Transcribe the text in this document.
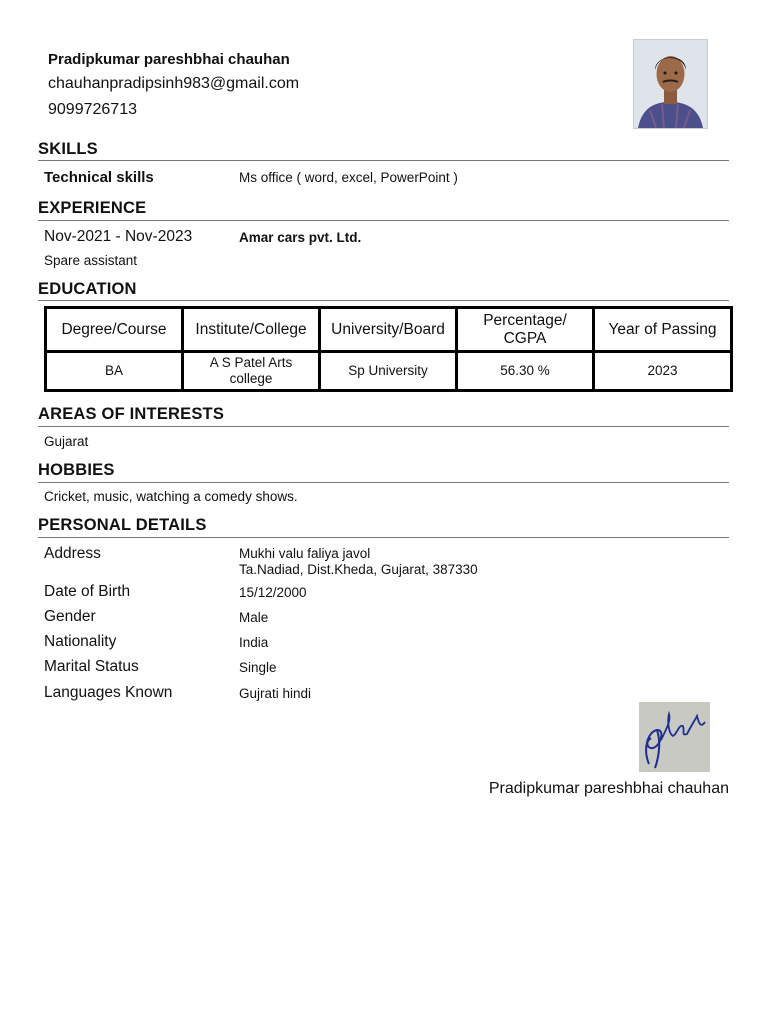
Pradipkumar pareshbhai chauhan
chauhanpradipsinh983@gmail.com
9099726713
SKILLS
Technical skills	Ms office ( word, excel, PowerPoint )
EXPERIENCE
Nov-2021 - Nov-2023	Amar cars pvt. Ltd.
Spare assistant
EDUCATION
Degree/Course	Institute/College	University/Board	Percentage/ CGPA	Year of Passing
BA	A S Patel Arts college	Sp University	56.30 %	2023
AREAS OF INTERESTS
Gujarat
HOBBIES
Cricket, music, watching a comedy shows.
PERSONAL DETAILS
Address	Mukhi valu faliya javol
Ta.Nadiad, Dist.Kheda, Gujarat, 387330
Date of Birth	15/12/2000
Gender	Male
Nationality	India
Marital Status	Single
Languages Known	Gujrati hindi
Pradipkumar pareshbhai chauhan
